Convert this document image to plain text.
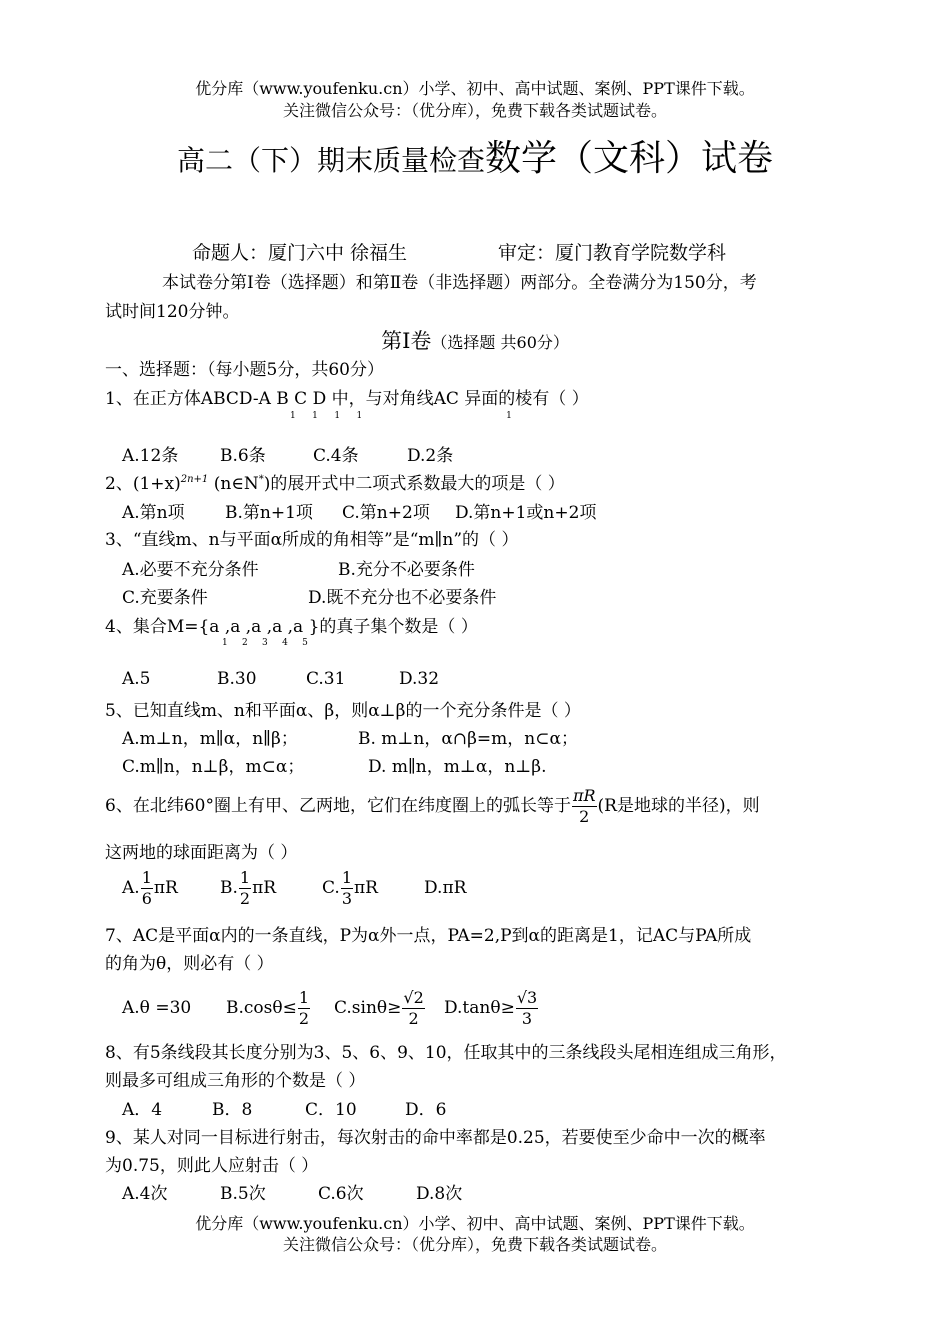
优分库（www.youfenku.cn）小学、初中、高中试题、案例、PPT课件下载。
关注微信公众号：（优分库），免费下载各类试题试卷。
高二（下）期末质量检查数学（文科）试卷
命题人：厦门六中 徐福生	审定：厦门教育学院数学科
本试卷分第Ⅰ卷（选择题）和第Ⅱ卷（非选择题）两部分。全卷满分为150分，考
试时间120分钟。
第Ⅰ卷（选择题 共60分）
一、选择题：（每小题5分，共60分）
1、在正方体ABCD-A B C D 中，与对角线AC 异面的棱有（ ）
1    1    1    1                                     1
A.12条 B.6条	C.4条	D.2条
2、$(1+x)^{2n+1}$ (n∈N*)的展开式中二项式系数最大的项是（ ）
A.第n项 B.第n+1项 C.第n+2项 D.第n+1或n+2项
3、“直线m、n与平面α所成的角相等”是“m∥n”的（ ）
A.必要不充分条件	B.充分不必要条件
C.充要条件	D.既不充分也不必要条件
4、集合M={a ,a ,a ,a ,a }的真子集个数是（ ）
1     2     3     4     5
A.5	B.30	C.31	D.32
5、已知直线m、n和平面α、β，则α⊥β的一个充分条件是（ ）
A.m⊥n，m∥α，n∥β；	B. m⊥n，α∩β=m，n⊂α；
C.m∥n，n⊥β，m⊂α；	D. m∥n，m⊥α，n⊥β.
6、在北纬60°圈上有甲、乙两地，它们在纬度圈上的弧长等于 $\frac{\pi R}{2} (R$是地球的半径)，则
这两地的球面距离为（ ）
A. $\frac{1}{6}$ πR B. $\frac{1}{2}$ πR	C. $\frac{1}{3}$ πR	D.πR
7、AC是平面α内的一条直线，P为α外一点，PA=2,P到α的距离是1，记AC与PA所成
的角为θ，则必有（ ）
A.θ =30 $B.\cos\theta\le \frac{1}{2} C.\sin\theta\ge \frac{√2}{2} D.\tan\theta\ge \frac{√3}{3}$
8、有5条线段其长度分别为3、5、6、9、10，任取其中的三条线段头尾相连组成三角形，
则最多可组成三角形的个数是（ ）
A．4	B．8	C．10	D．6
9、某人对同一目标进行射击，每次射击的命中率都是0.25，若要使至少命中一次的概率
为0.75，则此人应射击（ ）
A.4次	B.5次	C.6次	D.8次
优分库（www.youfenku.cn）小学、初中、高中试题、案例、PPT课件下载。
关注微信公众号：（优分库），免费下载各类试题试卷。
